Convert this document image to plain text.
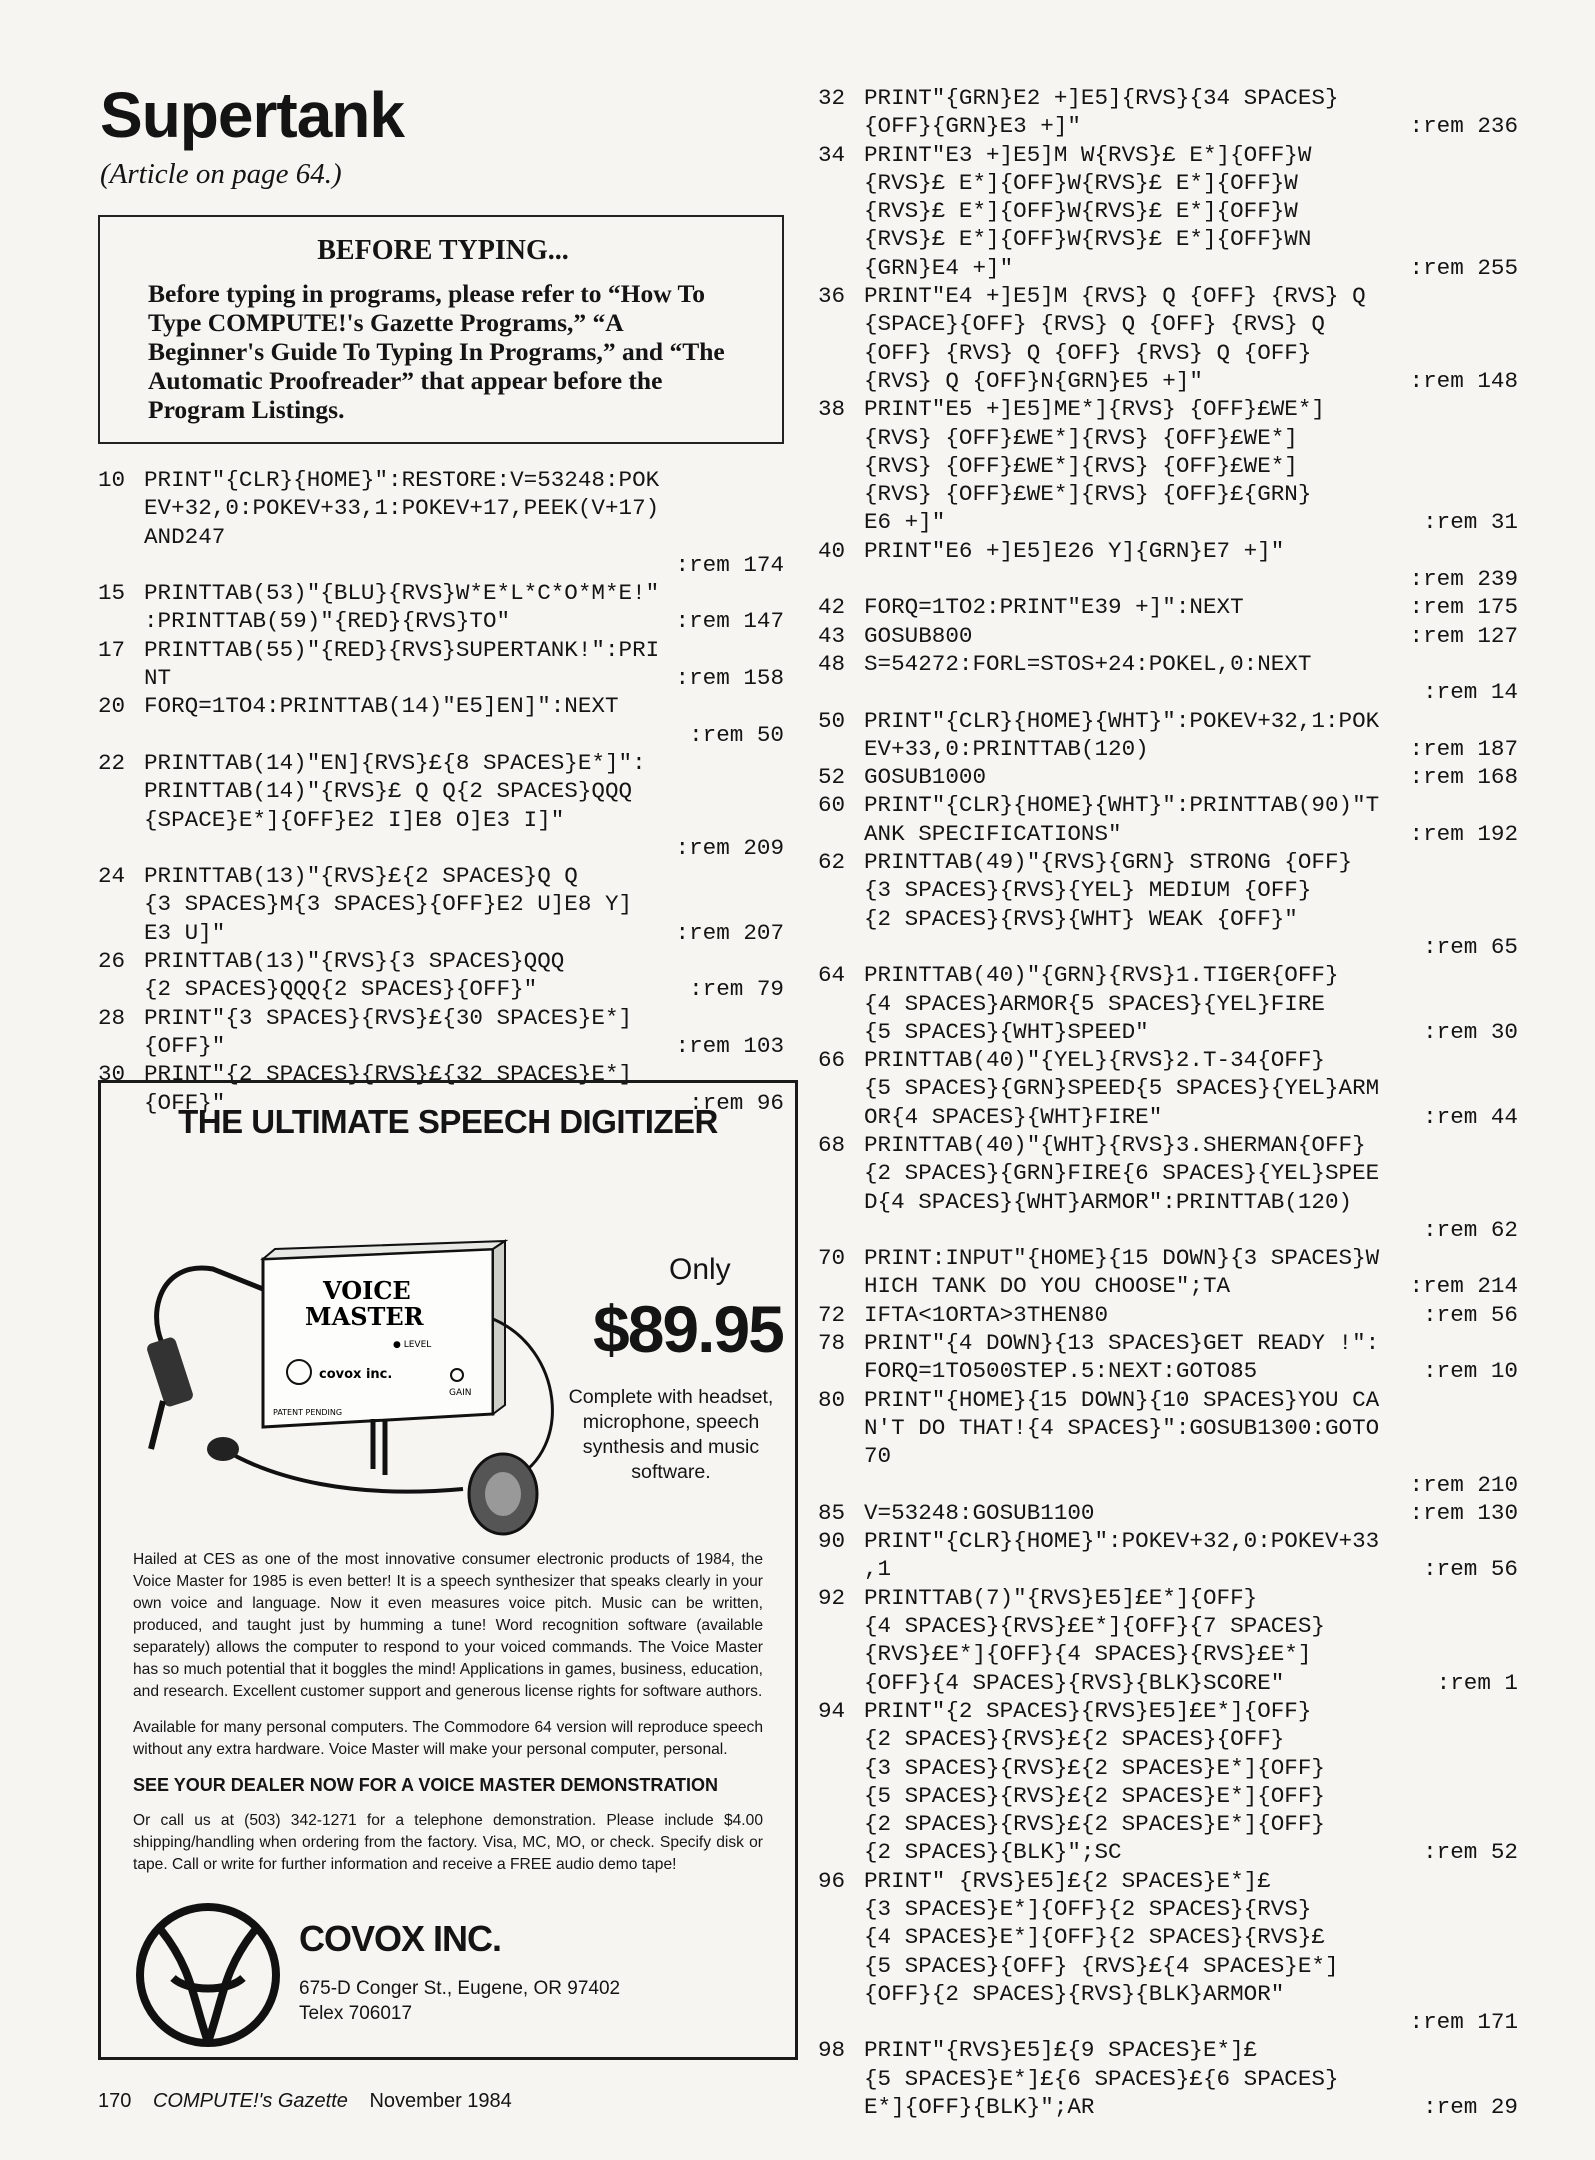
Supertank
(Article on page 64.)
BEFORE TYPING...

Before typing in programs, please refer to “How To Type COMPUTE!'s Gazette Programs,” “A Beginner's Guide To Typing In Programs,” and “The Automatic Proofreader” that appear before the Program Listings.

10 PRINT"{CLR}{HOME}":RESTORE:V=53248:POK
EV+32,0:POKEV+33,1:POKEV+17,PEEK(V+17)
AND247
:rem 174
15 PRINTTAB(53)"{BLU}{RVS}W*E*L*C*O*M*E!"
:PRINTTAB(59)"{RED}{RVS}TO"	:rem 147
17 PRINTTAB(55)"{RED}{RVS}SUPERTANK!":PRI
NT	:rem 158
20 FORQ=1TO4:PRINTTAB(14)"E5]EN]":NEXT
:rem 50
22 PRINTTAB(14)"EN]{RVS}£{8 SPACES}E*]":
PRINTTAB(14)"{RVS}£ Q Q{2 SPACES}QQQ
{SPACE}E*]{OFF}E2 I]E8 O]E3 I]"
:rem 209
24 PRINTTAB(13)"{RVS}£{2 SPACES}Q Q
{3 SPACES}M{3 SPACES}{OFF}E2 U]E8 Y]
E3 U]"	:rem 207
26 PRINTTAB(13)"{RVS}{3 SPACES}QQQ
{2 SPACES}QQQ{2 SPACES}{OFF}"	:rem 79
28 PRINT"{3 SPACES}{RVS}£{30 SPACES}E*]
{OFF}"	:rem 103
30 PRINT"{2 SPACES}{RVS}£{32 SPACES}E*]
{OFF}"	:rem 96
32 PRINT"{GRN}E2 +]E5]{RVS}{34 SPACES}
{OFF}{GRN}E3 +]"	:rem 236
34 PRINT"E3 +]E5]M W{RVS}£ E*]{OFF}W
{RVS}£ E*]{OFF}W{RVS}£ E*]{OFF}W
{RVS}£ E*]{OFF}W{RVS}£ E*]{OFF}W
{RVS}£ E*]{OFF}W{RVS}£ E*]{OFF}WN
{GRN}E4 +]"	:rem 255
36 PRINT"E4 +]E5]M {RVS} Q {OFF} {RVS} Q
{SPACE}{OFF} {RVS} Q {OFF} {RVS} Q
{OFF} {RVS} Q {OFF} {RVS} Q {OFF}
{RVS} Q {OFF}N{GRN}E5 +]"	:rem 148
38 PRINT"E5 +]E5]ME*]{RVS} {OFF}£WE*]
{RVS} {OFF}£WE*]{RVS} {OFF}£WE*]
{RVS} {OFF}£WE*]{RVS} {OFF}£WE*]
{RVS} {OFF}£WE*]{RVS} {OFF}£{GRN}
E6 +]"	:rem 31
40 PRINT"E6 +]E5]E26 Y]{GRN}E7 +]"
:rem 239
42 FORQ=1TO2:PRINT"E39 +]":NEXT	:rem 175
43 GOSUB800	:rem 127
48 S=54272:FORL=STOS+24:POKEL,0:NEXT
:rem 14
50 PRINT"{CLR}{HOME}{WHT}":POKEV+32,1:POK
EV+33,0:PRINTTAB(120)	:rem 187
52 GOSUB1000	:rem 168
60 PRINT"{CLR}{HOME}{WHT}":PRINTTAB(90)"T
ANK SPECIFICATIONS"	:rem 192
62 PRINTTAB(49)"{RVS}{GRN} STRONG {OFF}
{3 SPACES}{RVS}{YEL} MEDIUM {OFF}
{2 SPACES}{RVS}{WHT} WEAK {OFF}"
:rem 65
64 PRINTTAB(40)"{GRN}{RVS}1.TIGER{OFF}
{4 SPACES}ARMOR{5 SPACES}{YEL}FIRE
{5 SPACES}{WHT}SPEED"	:rem 30
66 PRINTTAB(40)"{YEL}{RVS}2.T-34{OFF}
{5 SPACES}{GRN}SPEED{5 SPACES}{YEL}ARM
OR{4 SPACES}{WHT}FIRE"	:rem 44
68 PRINTTAB(40)"{WHT}{RVS}3.SHERMAN{OFF}
{2 SPACES}{GRN}FIRE{6 SPACES}{YEL}SPEE
D{4 SPACES}{WHT}ARMOR":PRINTTAB(120)
:rem 62
70 PRINT:INPUT"{HOME}{15 DOWN}{3 SPACES}W
HICH TANK DO YOU CHOOSE";TA	:rem 214
72 IFTA<1ORTA>3THEN80	:rem 56
78 PRINT"{4 DOWN}{13 SPACES}GET READY !":
FORQ=1TO500STEP.5:NEXT:GOTO85	:rem 10
80 PRINT"{HOME}{15 DOWN}{10 SPACES}YOU CA
N'T DO THAT!{4 SPACES}":GOSUB1300:GOTO
70
:rem 210
85 V=53248:GOSUB1100	:rem 130
90 PRINT"{CLR}{HOME}":POKEV+32,0:POKEV+33
,1	:rem 56
92 PRINTTAB(7)"{RVS}E5]£E*]{OFF}
{4 SPACES}{RVS}£E*]{OFF}{7 SPACES}
{RVS}£E*]{OFF}{4 SPACES}{RVS}£E*]
{OFF}{4 SPACES}{RVS}{BLK}SCORE"	:rem 1
94 PRINT"{2 SPACES}{RVS}E5]£E*]{OFF}
{2 SPACES}{RVS}£{2 SPACES}{OFF}
{3 SPACES}{RVS}£{2 SPACES}E*]{OFF}
{5 SPACES}{RVS}£{2 SPACES}E*]{OFF}
{2 SPACES}{RVS}£{2 SPACES}E*]{OFF}
{2 SPACES}{BLK}";SC	:rem 52
96 PRINT" {RVS}E5]£{2 SPACES}E*]£
{3 SPACES}E*]{OFF}{2 SPACES}{RVS}
{4 SPACES}E*]{OFF}{2 SPACES}{RVS}£
{5 SPACES}{OFF} {RVS}£{4 SPACES}E*]
{OFF}{2 SPACES}{RVS}{BLK}ARMOR"
:rem 171
98 PRINT"{RVS}E5]£{9 SPACES}E*]£
{5 SPACES}E*]£{6 SPACES}£{6 SPACES}
E*]{OFF}{BLK}";AR	:rem 29
THE ULTIMATE SPEECH DIGITIZER
VOICE
MASTER
● LEVEL
covox inc.
GAIN
PATENT PENDING
Only
$89.95
Complete with headset, microphone, speech synthesis and music software.

Hailed at CES as one of the most innovative consumer electronic products of 1984, the Voice Master for 1985 is even better! It is a speech synthesizer that speaks clearly in your own voice and language. Now it even measures voice pitch. Music can be written, produced, and taught just by humming a tune! Word recognition software (available separately) allows the computer to respond to your voiced commands. The Voice Master has so much potential that it boggles the mind! Applications in games, business, education, and research. Excellent customer support and generous license rights for software authors.

Available for many personal computers. The Commodore 64 version will reproduce speech without any extra hardware. Voice Master will make your personal computer, personal.

SEE YOUR DEALER NOW FOR A VOICE MASTER DEMONSTRATION

Or call us at (503) 342-1271 for a telephone demonstration. Please include $4.00 shipping/handling when ordering from the factory. Visa, MC, MO, or check. Specify disk or tape. Call or write for further information and receive a FREE audio demo tape!

COVOX INC.
675-D Conger St., Eugene, OR 97402
Telex 706017
170 COMPUTE!'s Gazette November 1984
